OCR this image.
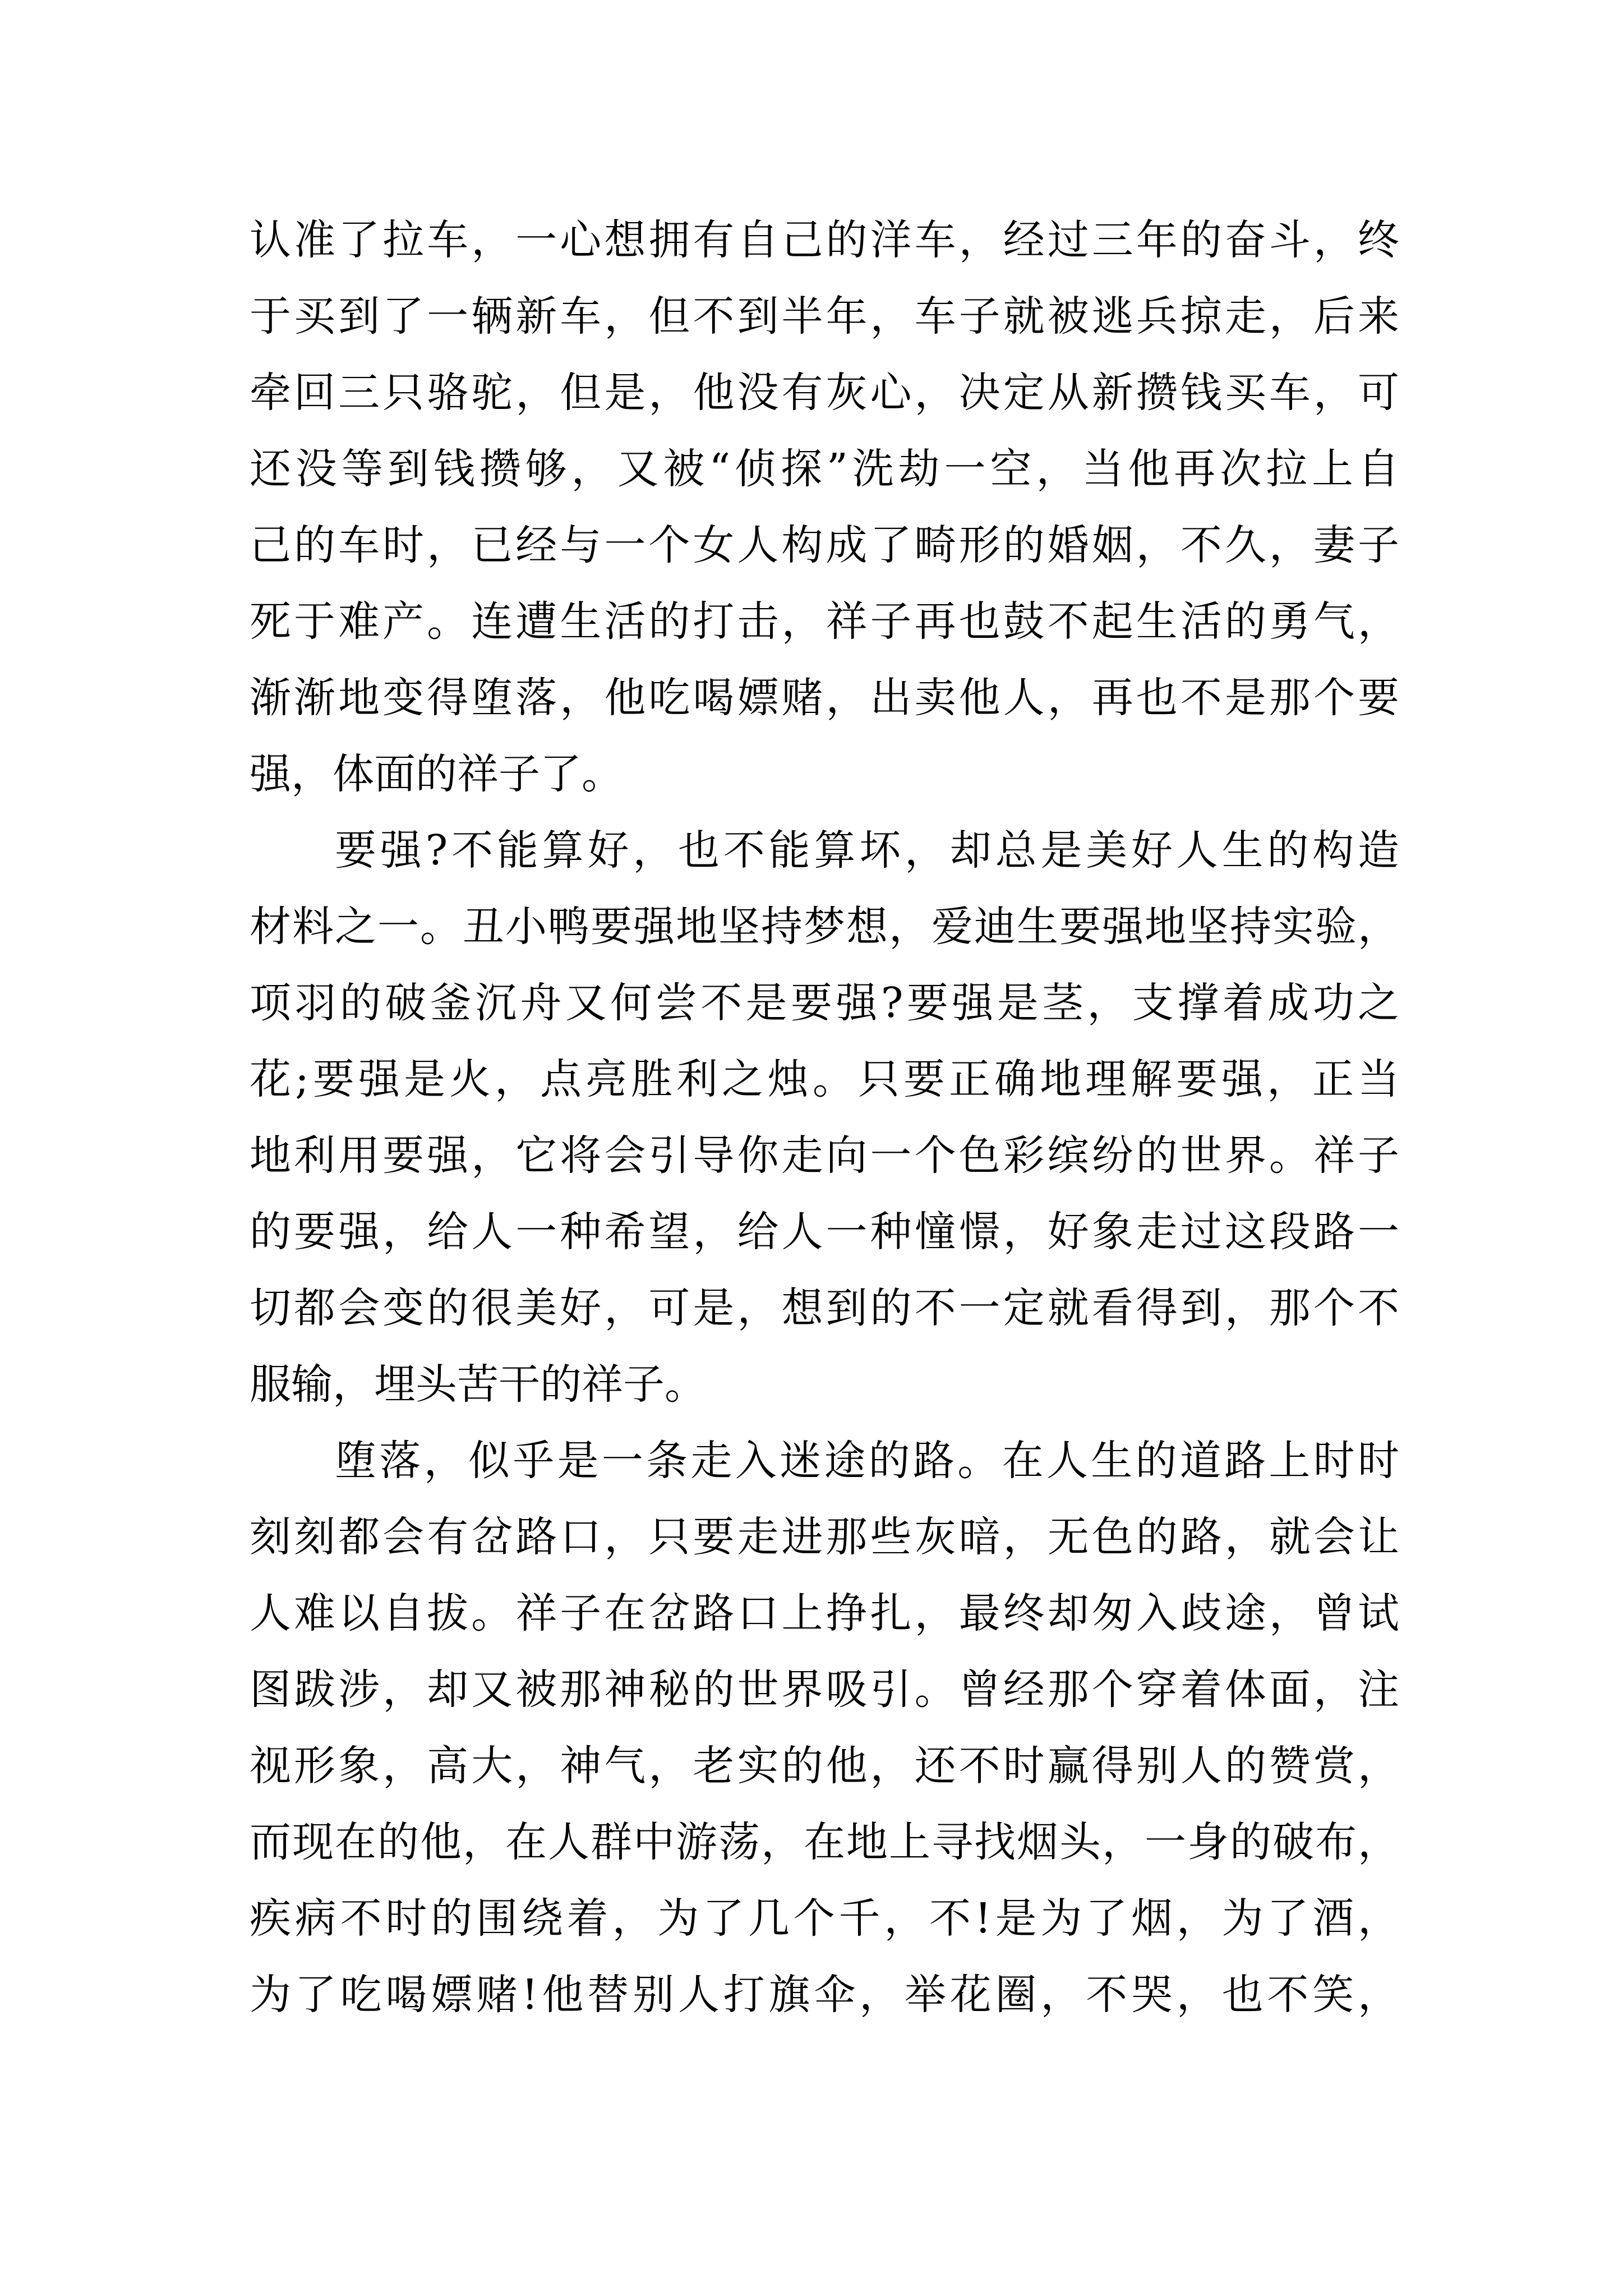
认准了拉车，一心想拥有自己的洋车，经过三年的奋斗，终
于买到了一辆新车，但不到半年，车子就被逃兵掠走，后来
牵回三只骆驼，但是，他没有灰心，决定从新攒钱买车，可
还没等到钱攒够，又被“侦探”洗劫一空，当他再次拉上自
己的车时，已经与一个女人构成了畸形的婚姻，不久，妻子
死于难产。连遭生活的打击，祥子再也鼓不起生活的勇气，
渐渐地变得堕落，他吃喝嫖赌，出卖他人，再也不是那个要
强，体面的祥子了。
要强?不能算好，也不能算坏，却总是美好人生的构造
材料之一。丑小鸭要强地坚持梦想，爱迪生要强地坚持实验，
项羽的破釜沉舟又何尝不是要强?要强是茎，支撑着成功之
花;要强是火，点亮胜利之烛。只要正确地理解要强，正当
地利用要强，它将会引导你走向一个色彩缤纷的世界。祥子
的要强，给人一种希望，给人一种憧憬，好象走过这段路一
切都会变的很美好，可是，想到的不一定就看得到，那个不
服输，埋头苦干的祥子。
堕落，似乎是一条走入迷途的路。在人生的道路上时时
刻刻都会有岔路口，只要走进那些灰暗，无色的路，就会让
人难以自拔。祥子在岔路口上挣扎，最终却匆入歧途，曾试
图跋涉，却又被那神秘的世界吸引。曾经那个穿着体面，注
视形象，高大，神气，老实的他，还不时赢得别人的赞赏，
而现在的他，在人群中游荡，在地上寻找烟头，一身的破布，
疾病不时的围绕着，为了几个千，不!是为了烟，为了酒，
为了吃喝嫖赌!他替别人打旗伞，举花圈，不哭，也不笑，
